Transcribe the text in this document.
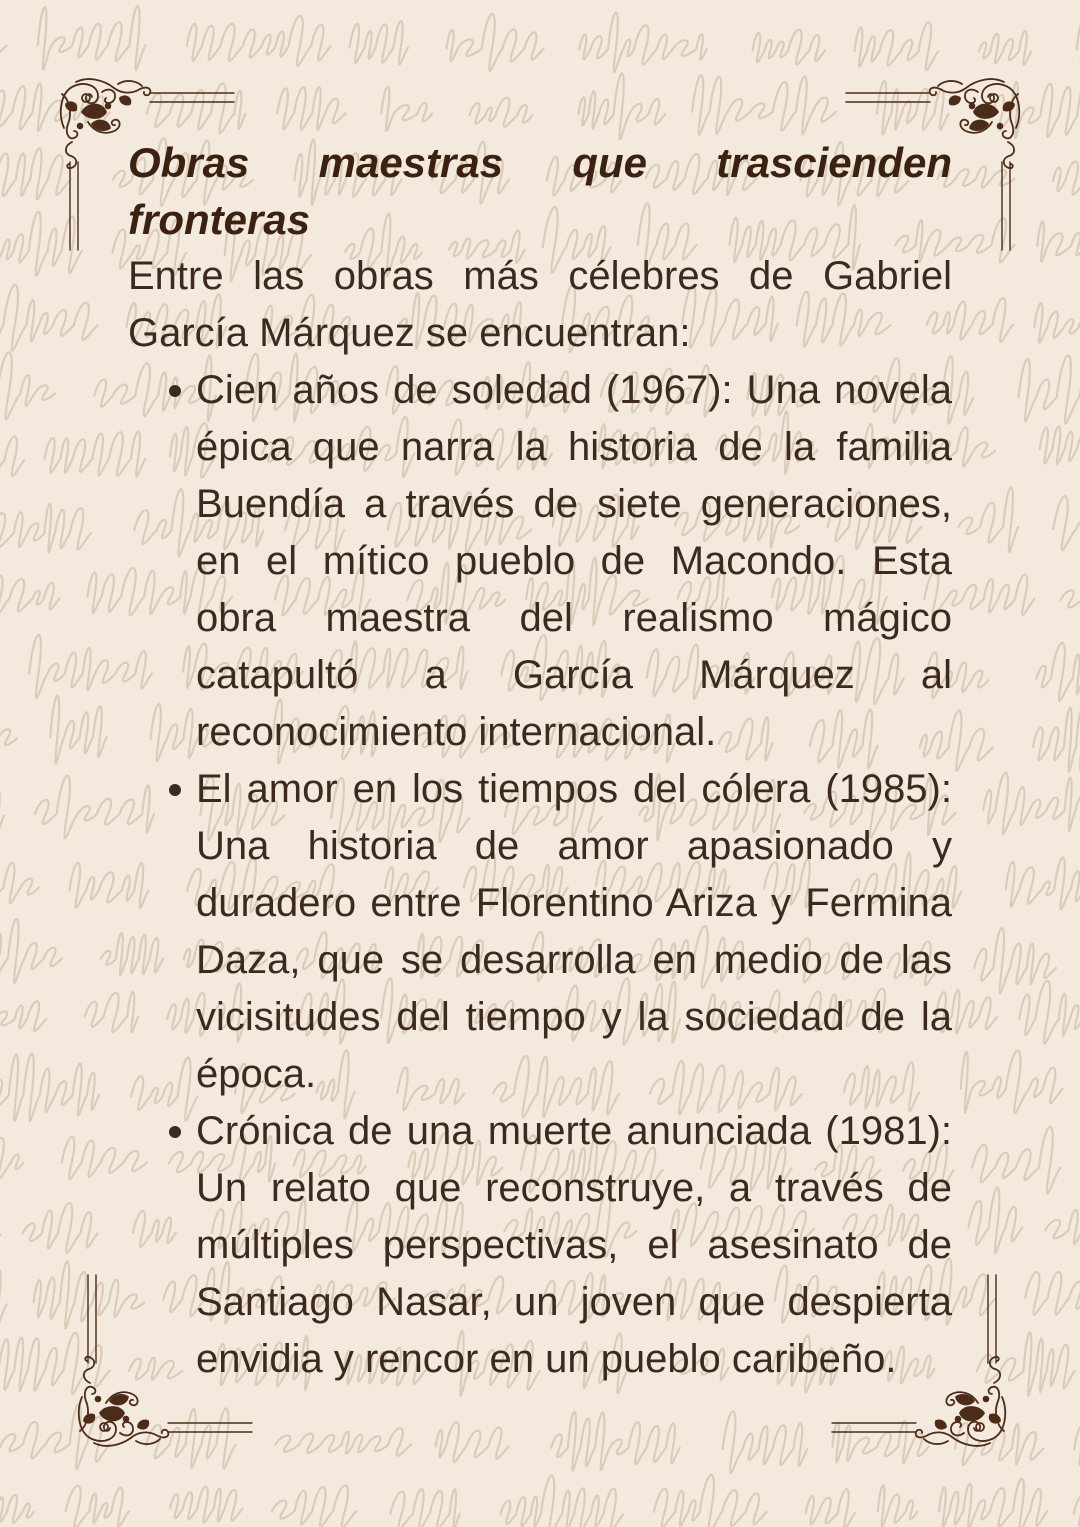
Obras maestras que trascienden fronteras

Entre las obras más célebres de Gabriel García Márquez se encuentran:

Cien años de soledad (1967): Una novela épica que narra la historia de la familia Buendía a través de siete generaciones, en el mítico pueblo de Macondo. Esta obra maestra del realismo mágico catapultó a García Márquez al reconocimiento internacional.
El amor en los tiempos del cólera (1985): Una historia de amor apasionado y duradero entre Florentino Ariza y Fermina Daza, que se desarrolla en medio de las vicisitudes del tiempo y la sociedad de la época.
Crónica de una muerte anunciada (1981): Un relato que reconstruye, a través de múltiples perspectivas, el asesinato de Santiago Nasar, un joven que despierta envidia y rencor en un pueblo caribeño.
